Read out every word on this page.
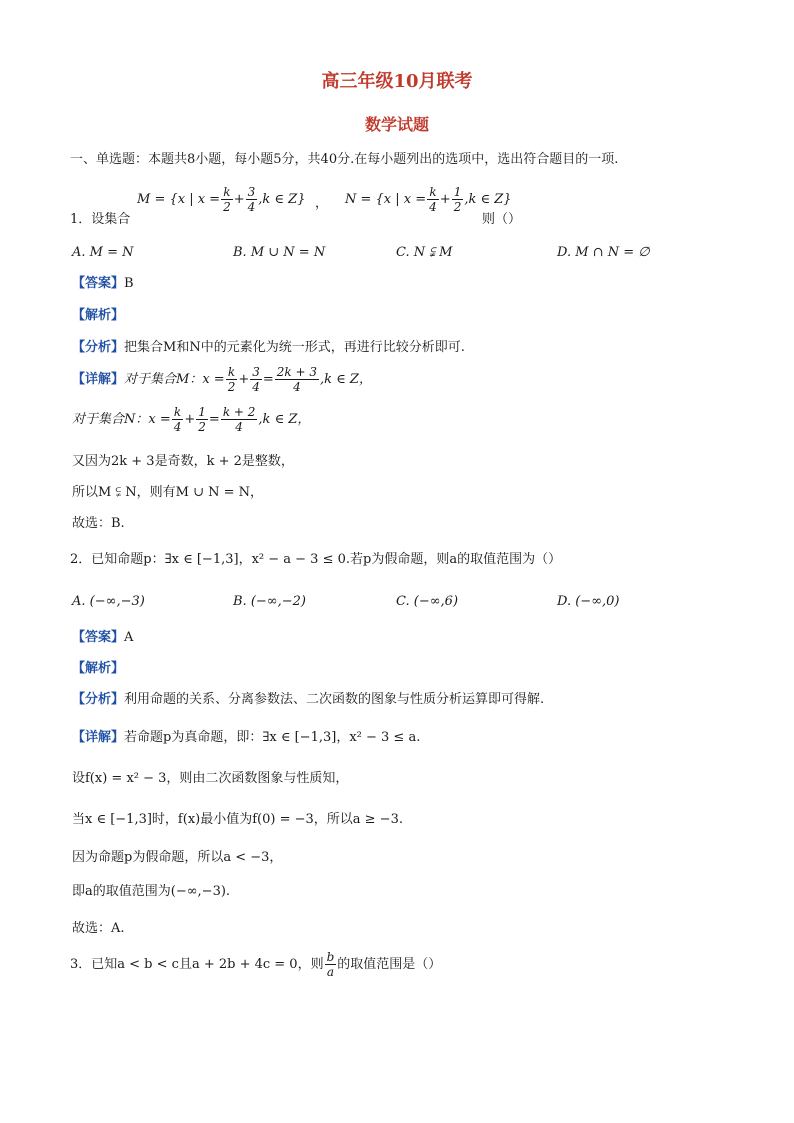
高三年级10月联考
数学试题
一、单选题：本题共8小题，每小题5分，共40分.在每小题列出的选项中，选出符合题目的一项.
M = {x | $x = \frac{k}{2} + \frac{3}{4} ,k$ ∈ Z} ， N = {x | $x = \frac{k}{4} + \frac{1}{2} ,k$ ∈ Z}
1．设集合	则（）
A. M = N	B. M ∪ N = N	C. N ⫋ M	D. M ∩ N = ∅
【答案】B
【解析】
【分析】把集合M和N中的元素化为统一形式，再进行比较分析即可.
【详解】对于集合M：$x = \frac{k}{2} + \frac{3}{4} = \frac{2k + 3}{4} ,k$ ∈ Z，
对于集合N：$x = \frac{k}{4} + \frac{1}{2} = \frac{k + 2}{4} ,k$ ∈ Z，
又因为2k + 3是奇数，k + 2是整数，
所以M ⫋ N，则有M ∪ N = N，
故选：B.
2．已知命题p：∃x ∈ [−1,3]，x² − a − 3 ≤ 0.若p为假命题，则a的取值范围为（）
A. (−∞,−3)	B. (−∞,−2)	C. (−∞,6)	D. (−∞,0)
【答案】A
【解析】
【分析】利用命题的关系、分离参数法、二次函数的图象与性质分析运算即可得解.
【详解】若命题p为真命题，即：∃x ∈ [−1,3]，x² − 3 ≤ a.
设f(x) = x² − 3，则由二次函数图象与性质知，
当x ∈ [−1,3]时，f(x)最小值为f(0) = −3，所以a ≥ −3.
因为命题p为假命题，所以a < −3，
即a的取值范围为(−∞,−3).
故选：A.
3．已知a < b < c且a + 2b + 4c = 0，则 $\frac{b}{a}$ 的取值范围是（）
